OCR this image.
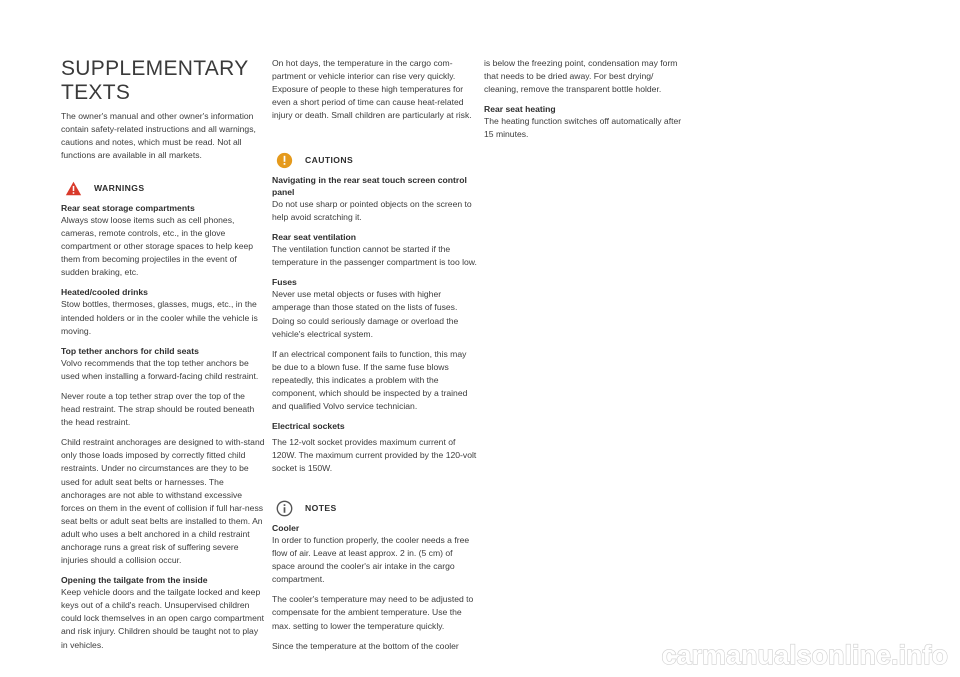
SUPPLEMENTARY
TEXTS

The owner's manual and other owner's information contain safety-related instructions and all warnings, cautions and notes, which must be read. Not all functions are available in all markets.

WARNINGS

Rear seat storage compartments

Always stow loose items such as cell phones, cameras, remote controls, etc., in the glove compartment or other storage spaces to help keep them from becoming projectiles in the event of sudden braking, etc.

Heated/cooled drinks

Stow bottles, thermoses, glasses, mugs, etc., in the intended holders or in the cooler while the vehicle is moving.

Top tether anchors for child seats

Volvo recommends that the top tether anchors be used when installing a forward-facing child restraint.

Never route a top tether strap over the top of the head restraint. The strap should be routed beneath the head restraint.

Child restraint anchorages are designed to with-stand only those loads imposed by correctly fitted child restraints. Under no circumstances are they to be used for adult seat belts or harnesses. The anchorages are not able to withstand excessive forces on them in the event of collision if full har-ness seat belts or adult seat belts are installed to them. An adult who uses a belt anchored in a child restraint anchorage runs a great risk of suffering severe injuries should a collision occur.

Opening the tailgate from the inside

Keep vehicle doors and the tailgate locked and keep keys out of a child's reach. Unsupervised children could lock themselves in an open cargo compartment and risk injury. Children should be taught not to play in vehicles.

On hot days, the temperature in the cargo com-partment or vehicle interior can rise very quickly. Exposure of people to these high temperatures for even a short period of time can cause heat-related injury or death. Small children are particularly at risk.

CAUTIONS

Navigating in the rear seat touch screen control panel

Do not use sharp or pointed objects on the screen to help avoid scratching it.

Rear seat ventilation

The ventilation function cannot be started if the temperature in the passenger compartment is too low.

Fuses

Never use metal objects or fuses with higher amperage than those stated on the lists of fuses. Doing so could seriously damage or overload the vehicle's electrical system.

If an electrical component fails to function, this may be due to a blown fuse. If the same fuse blows repeatedly, this indicates a problem with the component, which should be inspected by a trained and qualified Volvo service technician.

Electrical sockets

The 12-volt socket provides maximum current of 120W. The maximum current provided by the 120-volt socket is 150W.

NOTES

Cooler

In order to function properly, the cooler needs a free flow of air. Leave at least approx. 2 in. (5 cm) of space around the cooler's air intake in the cargo compartment.

The cooler's temperature may need to be adjusted to compensate for the ambient temperature. Use the max. setting to lower the temperature quickly.

Since the temperature at the bottom of the cooler

is below the freezing point, condensation may form that needs to be dried away. For best drying/ cleaning, remove the transparent bottle holder.

Rear seat heating

The heating function switches off automatically after 15 minutes.

carmanualsonline.info
